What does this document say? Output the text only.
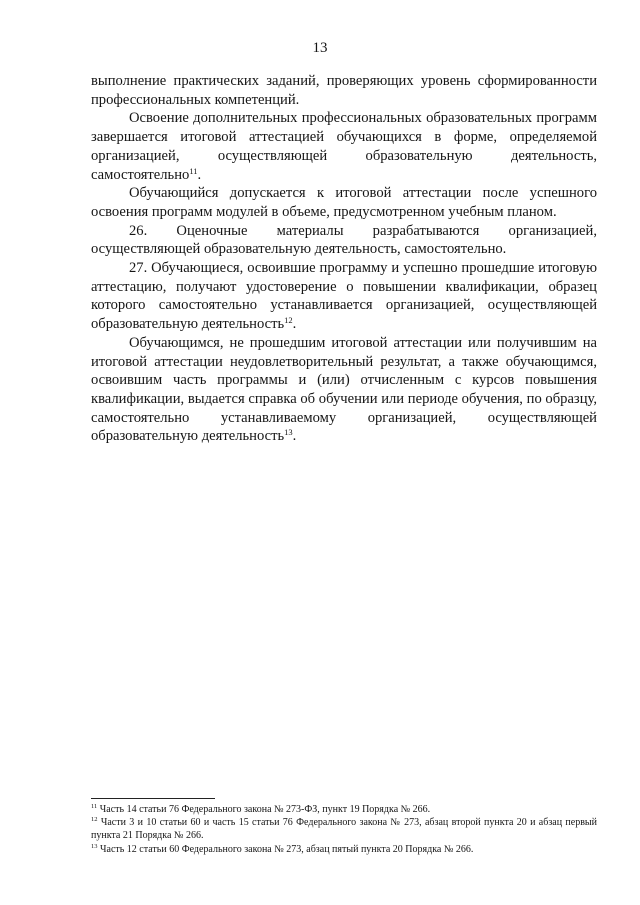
13

выполнение практических заданий, проверяющих уровень сформированности профессиональных компетенций.

Освоение дополнительных профессиональных образовательных программ завершается итоговой аттестацией обучающихся в форме, определяемой организацией, осуществляющей образовательную деятельность, самостоятельно$^{11}$.

Обучающийся допускается к итоговой аттестации после успешного освоения программ модулей в объеме, предусмотренном учебным планом.

26. Оценочные материалы разрабатываются организацией, осуществляющей образовательную деятельность, самостоятельно.

27. Обучающиеся, освоившие программу и успешно прошедшие итоговую аттестацию, получают удостоверение о повышении квалификации, образец которого самостоятельно устанавливается организацией, осуществляющей образовательную деятельность$^{12}$.

Обучающимся, не прошедшим итоговой аттестации или получившим на итоговой аттестации неудовлетворительный результат, а также обучающимся, освоившим часть программы и (или) отчисленным с курсов повышения квалификации, выдается справка об обучении или периоде обучения, по образцу, самостоятельно устанавливаемому организацией, осуществляющей образовательную деятельность$^{13}$.

$^{11}$ Часть 14 статьи 76 Федерального закона № 273-ФЗ, пункт 19 Порядка № 266.

$^{12}$ Части 3 и 10 статьи 60 и часть 15 статьи 76 Федерального закона № 273, абзац второй пункта 20 и абзац первый пункта 21 Порядка № 266.

$^{13}$ Часть 12 статьи 60 Федерального закона № 273, абзац пятый пункта 20 Порядка № 266.
